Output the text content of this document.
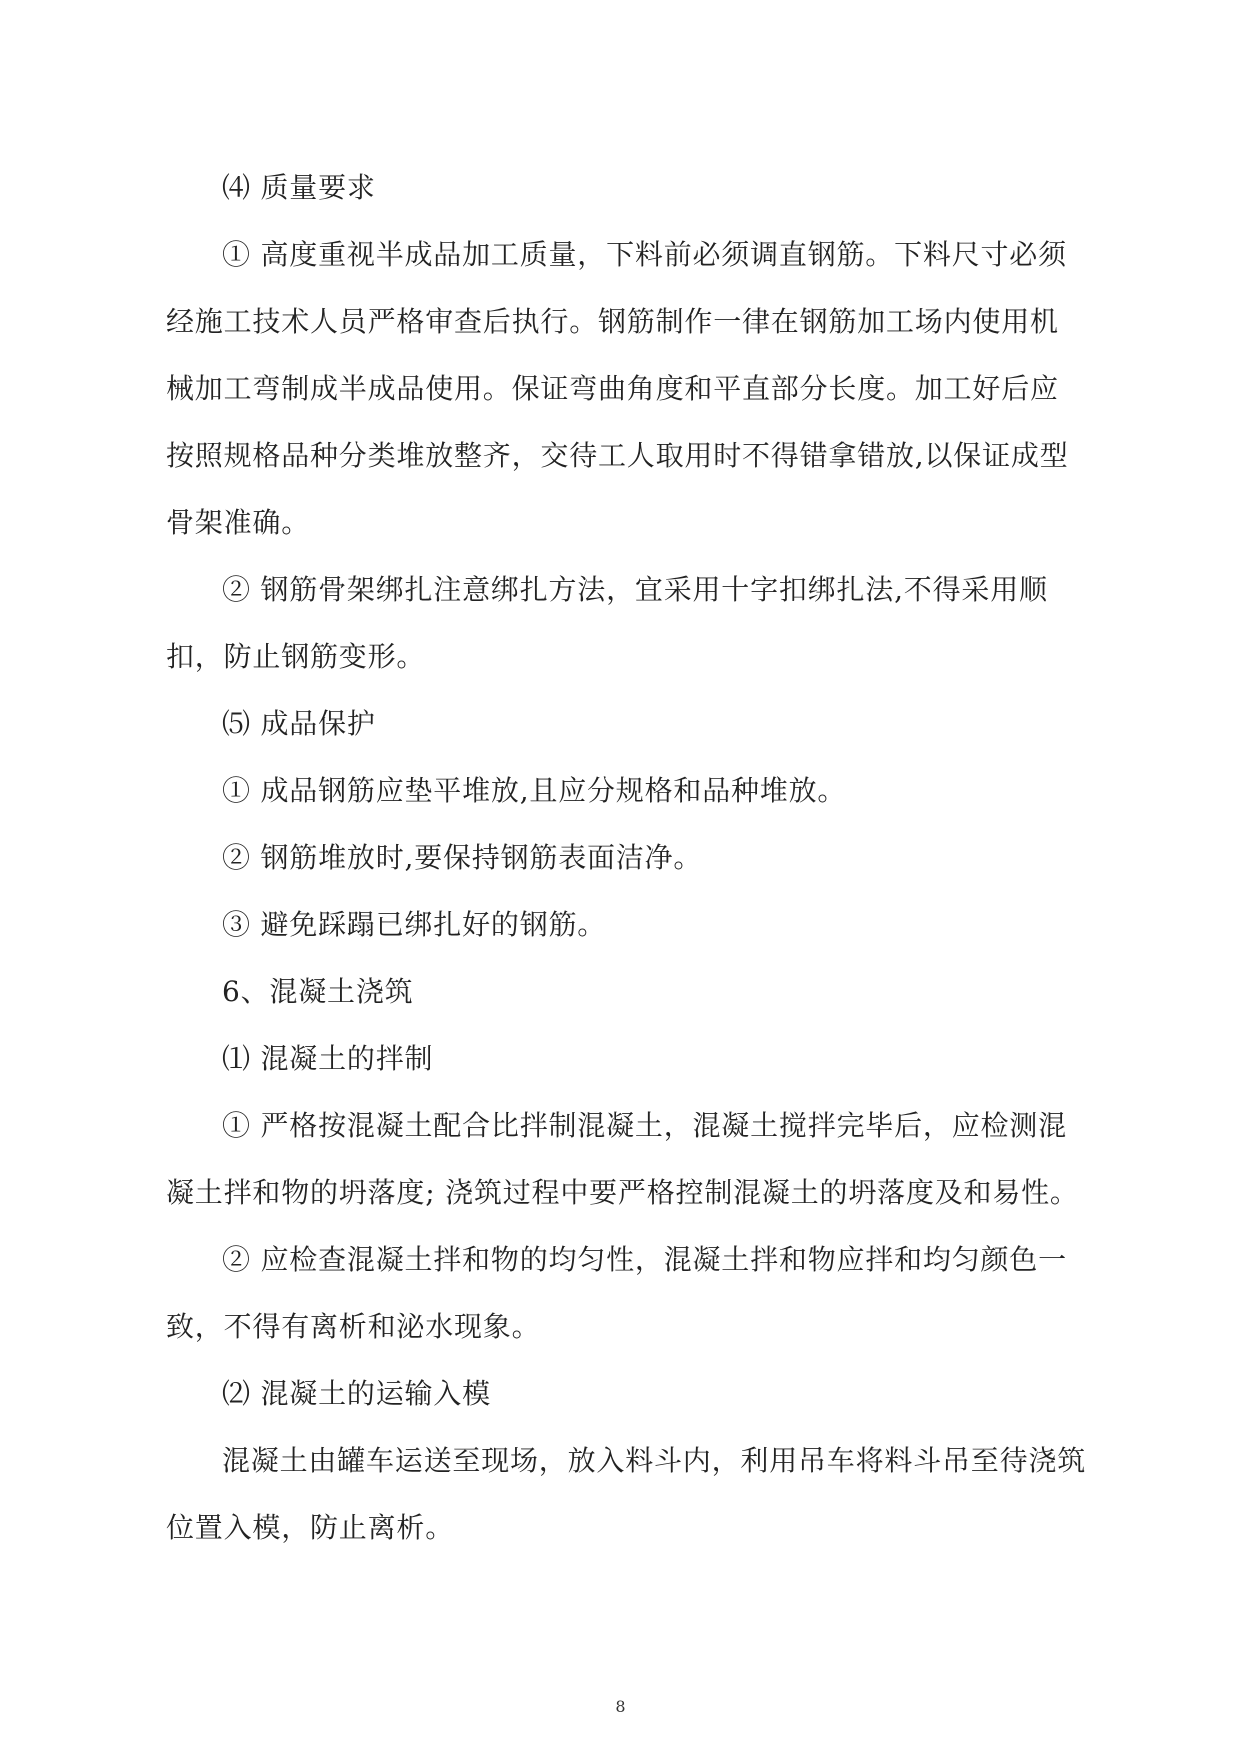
⑷ 质量要求

① 高度重视半成品加工质量，下料前必须调直钢筋。下料尺寸必须经施工技术人员严格审查后执行。钢筋制作一律在钢筋加工场内使用机械加工弯制成半成品使用。保证弯曲角度和平直部分长度。加工好后应按照规格品种分类堆放整齐，交待工人取用时不得错拿错放,以保证成型骨架准确。

② 钢筋骨架绑扎注意绑扎方法，宜采用十字扣绑扎法,不得采用顺扣，防止钢筋变形。

⑸ 成品保护

① 成品钢筋应垫平堆放,且应分规格和品种堆放。

② 钢筋堆放时,要保持钢筋表面洁净。

③ 避免踩蹋已绑扎好的钢筋。

6、混凝土浇筑

⑴ 混凝土的拌制

① 严格按混凝土配合比拌制混凝土，混凝土搅拌完毕后，应检测混凝土拌和物的坍落度; 浇筑过程中要严格控制混凝土的坍落度及和易性。

② 应检查混凝土拌和物的均匀性，混凝土拌和物应拌和均匀颜色一致，不得有离析和泌水现象。

⑵ 混凝土的运输入模

混凝土由罐车运送至现场，放入料斗内，利用吊车将料斗吊至待浇筑位置入模，防止离析。

8
